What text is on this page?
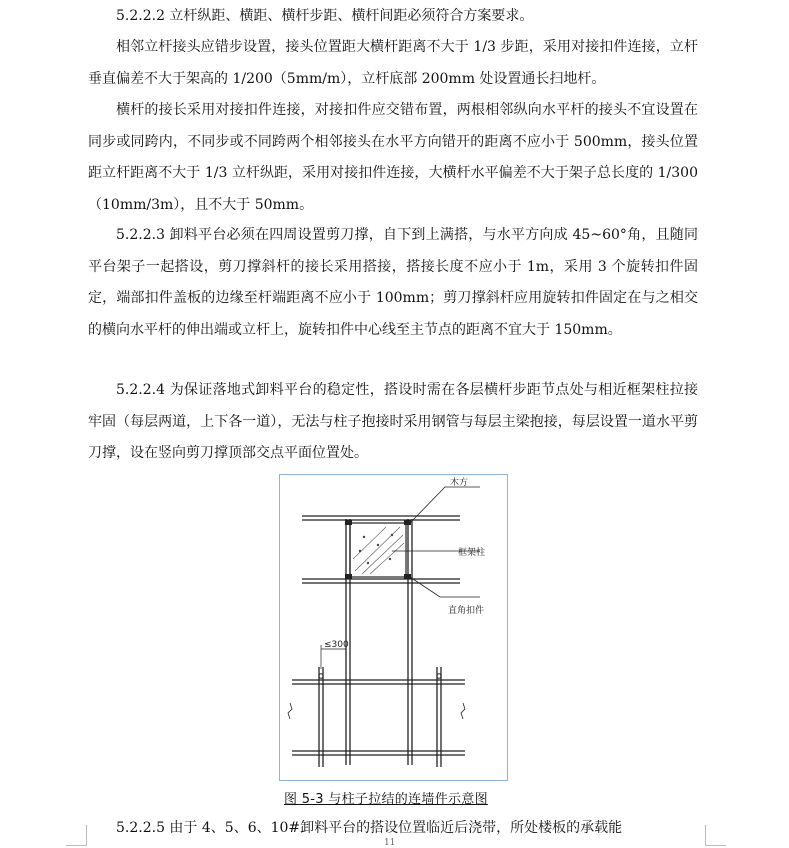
5.2.2.2 立杆纵距、横距、横杆步距、横杆间距必须符合方案要求。

相邻立杆接头应错步设置，接头位置距大横杆距离不大于 1/3 步距，采用对接扣件连接，立杆垂直偏差不大于架高的 1/200（5mm/m），立杆底部 200mm 处设置通长扫地杆。

横杆的接长采用对接扣件连接，对接扣件应交错布置，两根相邻纵向水平杆的接头不宜设置在同步或同跨内，不同步或不同跨两个相邻接头在水平方向错开的距离不应小于 500mm，接头位置距立杆距离不大于 1/3 立杆纵距，采用对接扣件连接，大横杆水平偏差不大于架子总长度的 1/300（10mm/3m），且不大于 50mm。

5.2.2.3 卸料平台必须在四周设置剪刀撑，自下到上满搭，与水平方向成 45~60°角，且随同平台架子一起搭设，剪刀撑斜杆的接长采用搭接，搭接长度不应小于 1m，采用 3 个旋转扣件固定，端部扣件盖板的边缘至杆端距离不应小于 100mm；剪刀撑斜杆应用旋转扣件固定在与之相交的横向水平杆的伸出端或立杆上，旋转扣件中心线至主节点的距离不宜大于 150mm。

5.2.2.4 为保证落地式卸料平台的稳定性，搭设时需在各层横杆步距节点处与相近框架柱拉接牢固（每层两道，上下各一道），无法与柱子抱接时采用钢管与每层主梁抱接，每层设置一道水平剪刀撑，设在竖向剪刀撑顶部交点平面位置处。

木方
框架柱
直角扣件
≤300
图 5-3 与柱子拉结的连墙件示意图

5.2.2.5 由于 4、5、6、10#卸料平台的搭设位置临近后浇带，所处楼板的承载能

11
